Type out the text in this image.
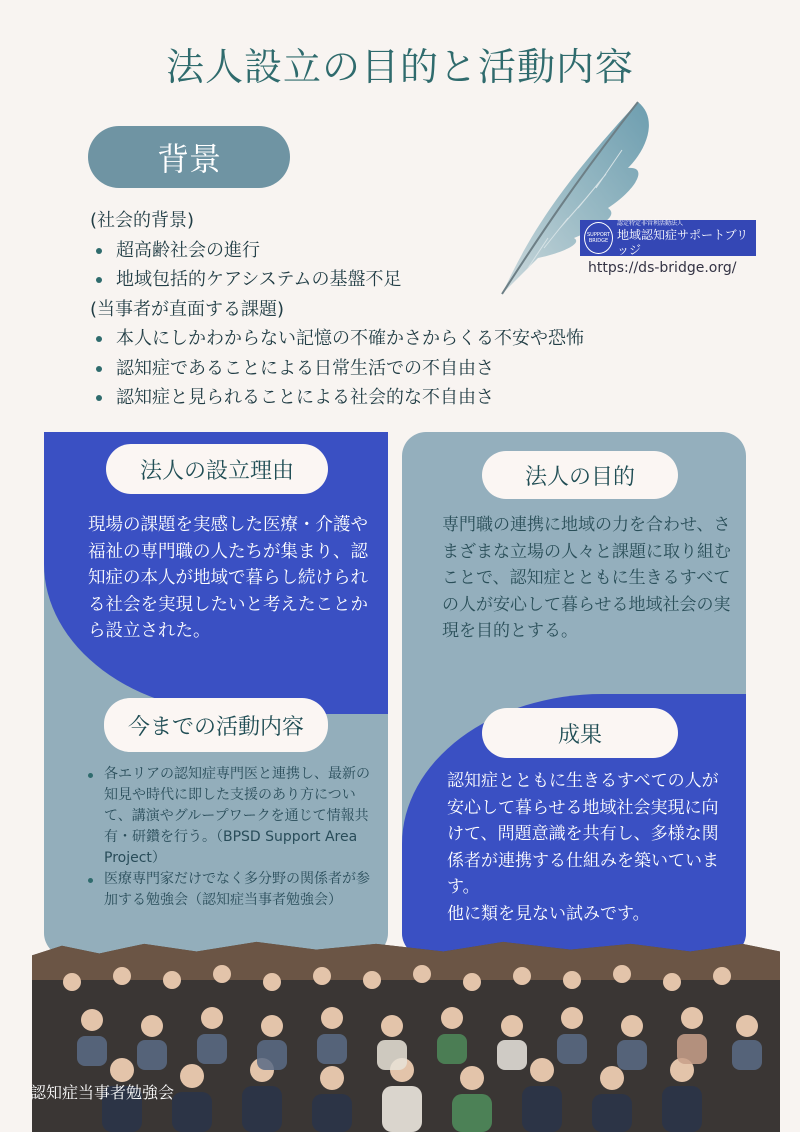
法人設立の目的と活動内容
背景
SUPPORT BRIDGE
認定特定非営利活動法人
地域認知症サポートブリッジ
https://ds-bridge.org/

(社会的背景)

超高齢社会の進行
地域包括的ケアシステムの基盤不足

(当事者が直面する課題)

本人にしかわからない記憶の不確かさからくる不安や恐怖
認知症であることによる日常生活での不自由さ
認知症と見られることによる社会的な不自由さ
法人の設立理由
現場の課題を実感した医療・介護や福祉の専門職の人たちが集まり、認知症の本人が地域で暮らし続けられる社会を実現したいと考えたことから設立された。
法人の目的
専門職の連携に地域の力を合わせ、さまざまな立場の人々と課題に取り組むことで、認知症とともに生きるすべての人が安心して暮らせる地域社会の実現を目的とする。
今までの活動内容
各エリアの認知症専門医と連携し、最新の知見や時代に即した支援のあり方について、講演やグループワークを通じて情報共有・研鑽を行う。（BPSD Support Area Project）
医療専門家だけでなく多分野の関係者が参加する勉強会（認知症当事者勉強会）
成果
認知症とともに生きるすべての人が安心して暮らせる地域社会実現に向けて、問題意識を共有し、多様な関係者が連携する仕組みを築いています。
他に類を見ない試みです。
認知症当事者勉強会
